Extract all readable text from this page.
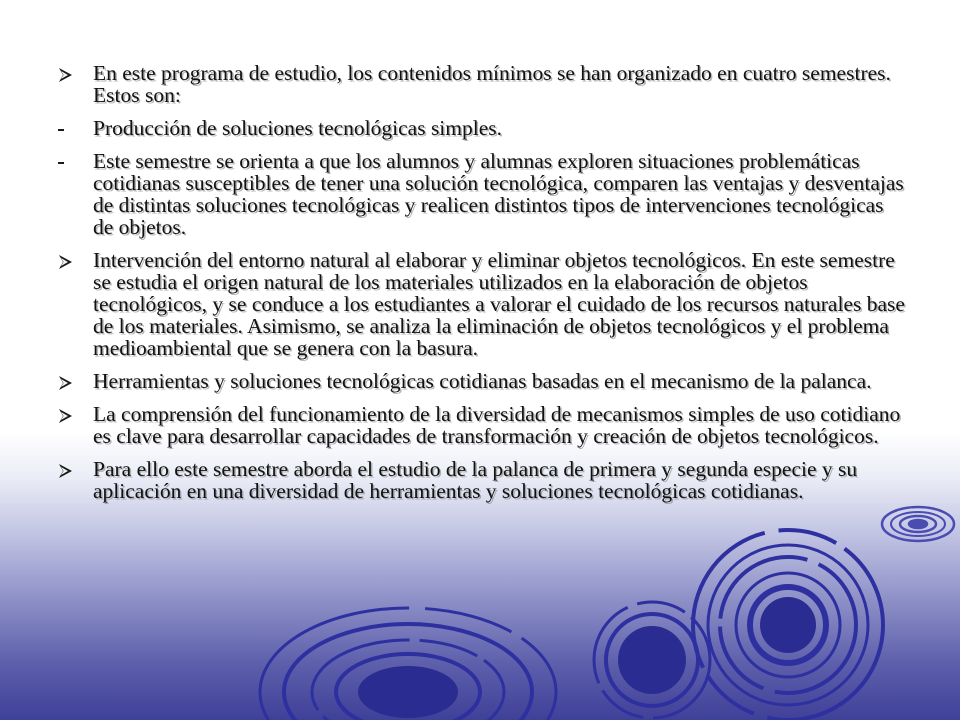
En este programa de estudio, los contenidos mínimos se han organizado en cuatro semestres. Estos son:
Producción de soluciones tecnológicas simples.
Este semestre se orienta a que los alumnos y alumnas exploren situaciones problemáticas cotidianas susceptibles de tener una solución tecnológica, comparen las ventajas y desventajas de distintas soluciones tecnológicas y realicen distintos tipos de intervenciones tecnológicas de objetos.
Intervención del entorno natural al elaborar y eliminar objetos tecnológicos. En este semestre se estudia el origen natural de los materiales utilizados en la elaboración de objetos tecnológicos, y se conduce a los estudiantes a valorar el cuidado de los recursos naturales base de los materiales. Asimismo, se analiza la eliminación de objetos tecnológicos y el problema medioambiental que se genera con la basura.
Herramientas y soluciones tecnológicas cotidianas basadas en el mecanismo de la palanca.
La comprensión del funcionamiento de la diversidad de mecanismos simples de uso cotidiano es clave para desarrollar capacidades de transformación y creación de objetos tecnológicos.
Para ello este semestre aborda el estudio de la palanca de primera y segunda especie y su aplicación en una diversidad de herramientas y soluciones tecnológicas cotidianas.
